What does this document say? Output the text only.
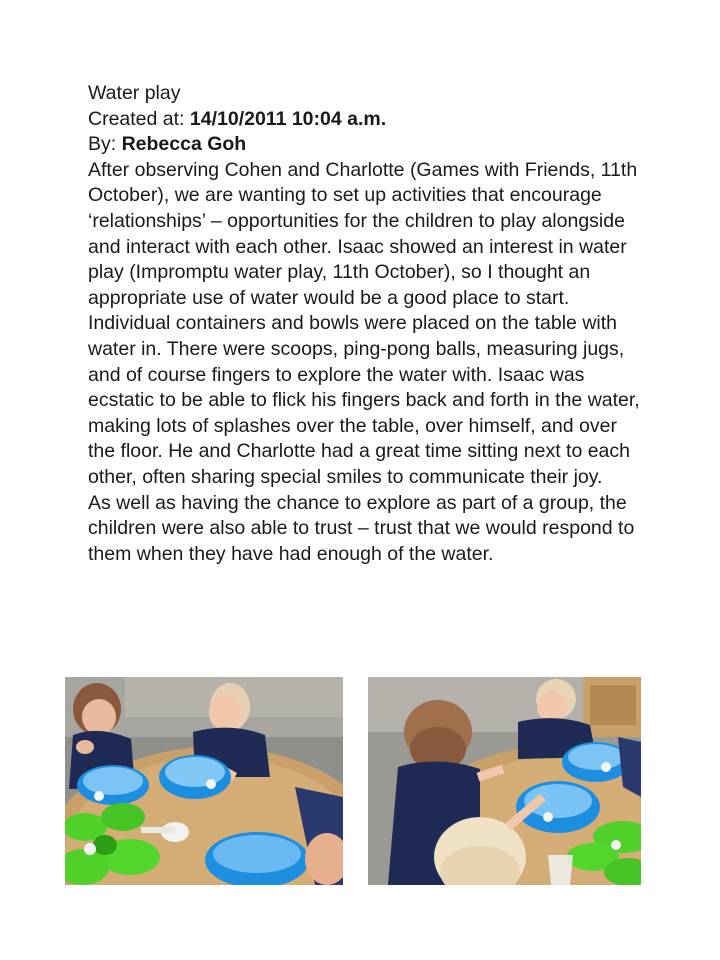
Water play

Created at: 14/10/2011 10:04 a.m.

By: Rebecca Goh

After observing Cohen and Charlotte (Games with Friends, 11th October), we are wanting to set up activities that encourage ‘relationships’ – opportunities for the children to play alongside and interact with each other. Isaac showed an interest in water play (Impromptu water play, 11th October), so I thought an appropriate use of water would be a good place to start.

Individual containers and bowls were placed on the table with water in. There were scoops, ping-pong balls, measuring jugs, and of course fingers to explore the water with. Isaac was ecstatic to be able to flick his fingers back and forth in the water, making lots of splashes over the table, over himself, and over the floor. He and Charlotte had a great time sitting next to each other, often sharing special smiles to communicate their joy.

As well as having the chance to explore as part of a group, the children were also able to trust – trust that we would respond to them when they have had enough of the water.
